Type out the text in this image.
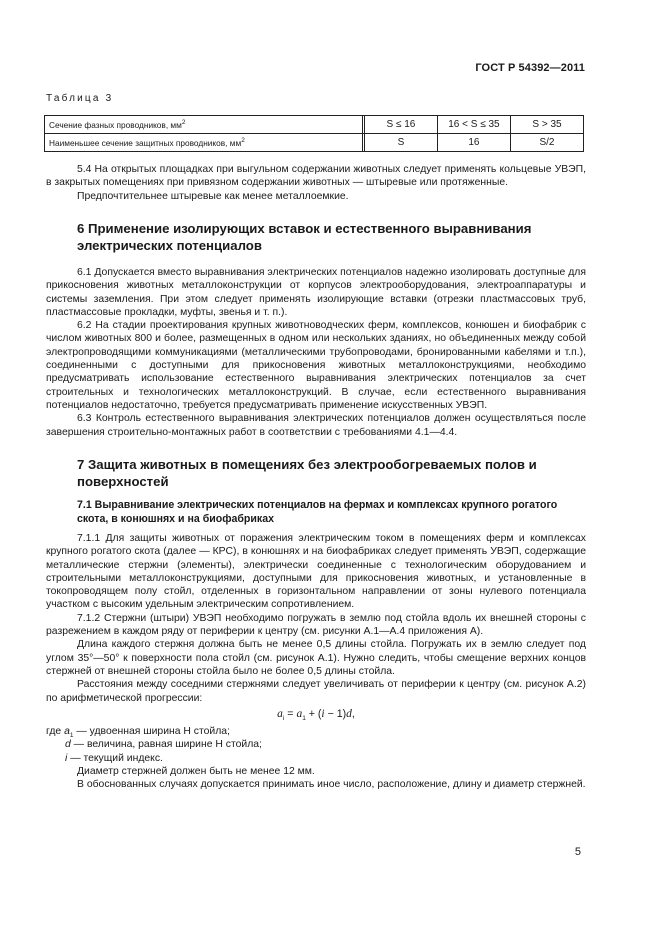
ГОСТ Р 54392—2011
Таблица 3
Сечение фазных проводников, $мм^2$		S ≤ 16	16 < S ≤ 35	S > 35
Наименьшее сечение защитных проводников, $мм^2$		S	16	S/2

5.4 На открытых площадках при выгульном содержании животных следует применять кольцевые УВЭП, в закрытых помещениях при привязном содержании животных — штыревые или протяженные.

Предпочтительнее штыревые как менее металлоемкие.

6 Применение изолирующих вставок и естественного выравнивания электрических потенциалов

6.1 Допускается вместо выравнивания электрических потенциалов надежно изолировать доступные для прикосновения животных металлоконструкции от корпусов электрооборудования, электроаппаратуры и системы заземления. При этом следует применять изолирующие вставки (отрезки пластмассовых труб, пластмассовые прокладки, муфты, звенья и т. п.).

6.2 На стадии проектирования крупных животноводческих ферм, комплексов, конюшен и биофабрик с числом животных 800 и более, размещенных в одном или нескольких зданиях, но объединенных между собой электропроводящими коммуникациями (металлическими трубопроводами, бронированными кабелями и т.п.), соединенными с доступными для прикосновения животных металлоконструкциями, необходимо предусматривать использование естественного выравнивания электрических потенциалов за счет строительных и технологических металлоконструкций. В случае, если естественного выравнивания потенциалов недостаточно, требуется предусматривать применение искусственных УВЭП.

6.3 Контроль естественного выравнивания электрических потенциалов должен осуществляться после завершения строительно-монтажных работ в соответствии с требованиями 4.1—4.4.

7 Защита животных в помещениях без электрообогреваемых полов и поверхностей
7.1 Выравнивание электрических потенциалов на фермах и комплексах крупного рогатого скота, в конюшнях и на биофабриках

7.1.1 Для защиты животных от поражения электрическим током в помещениях ферм и комплексах крупного рогатого скота (далее — КРС), в конюшнях и на биофабриках следует применять УВЭП, содержащие металлические стержни (элементы), электрически соединенные с технологическим оборудованием и строительными металлоконструкциями, доступными для прикосновения животных, и установленные в токопроводящем полу стойл, отделенных в горизонтальном направлении от зоны нулевого потенциала участком с высоким удельным электрическим сопротивлением.

7.1.2 Стержни (штыри) УВЭП необходимо погружать в землю под стойла вдоль их внешней стороны с разрежением в каждом ряду от периферии к центру (см. рисунки А.1—А.4 приложения А).

Длина каждого стержня должна быть не менее 0,5 длины стойла. Погружать их в землю следует под углом 35°—50° к поверхности пола стойл (см. рисунок А.1). Нужно следить, чтобы смещение верхних концов стержней от внешней стороны стойла было не более 0,5 длины стойла.

Расстояния между соседними стержнями следует увеличивать от периферии к центру (см. рисунок А.2) по арифметической прогрессии:

$a_i = a_1 + (i - 1)d$,
где $a_1$ — удвоенная ширина Н стойла;
d — величина, равная ширине Н стойла;
i — текущий индекс.

Диаметр стержней должен быть не менее 12 мм.

В обоснованных случаях допускается принимать иное число, расположение, длину и диаметр стержней.

5
